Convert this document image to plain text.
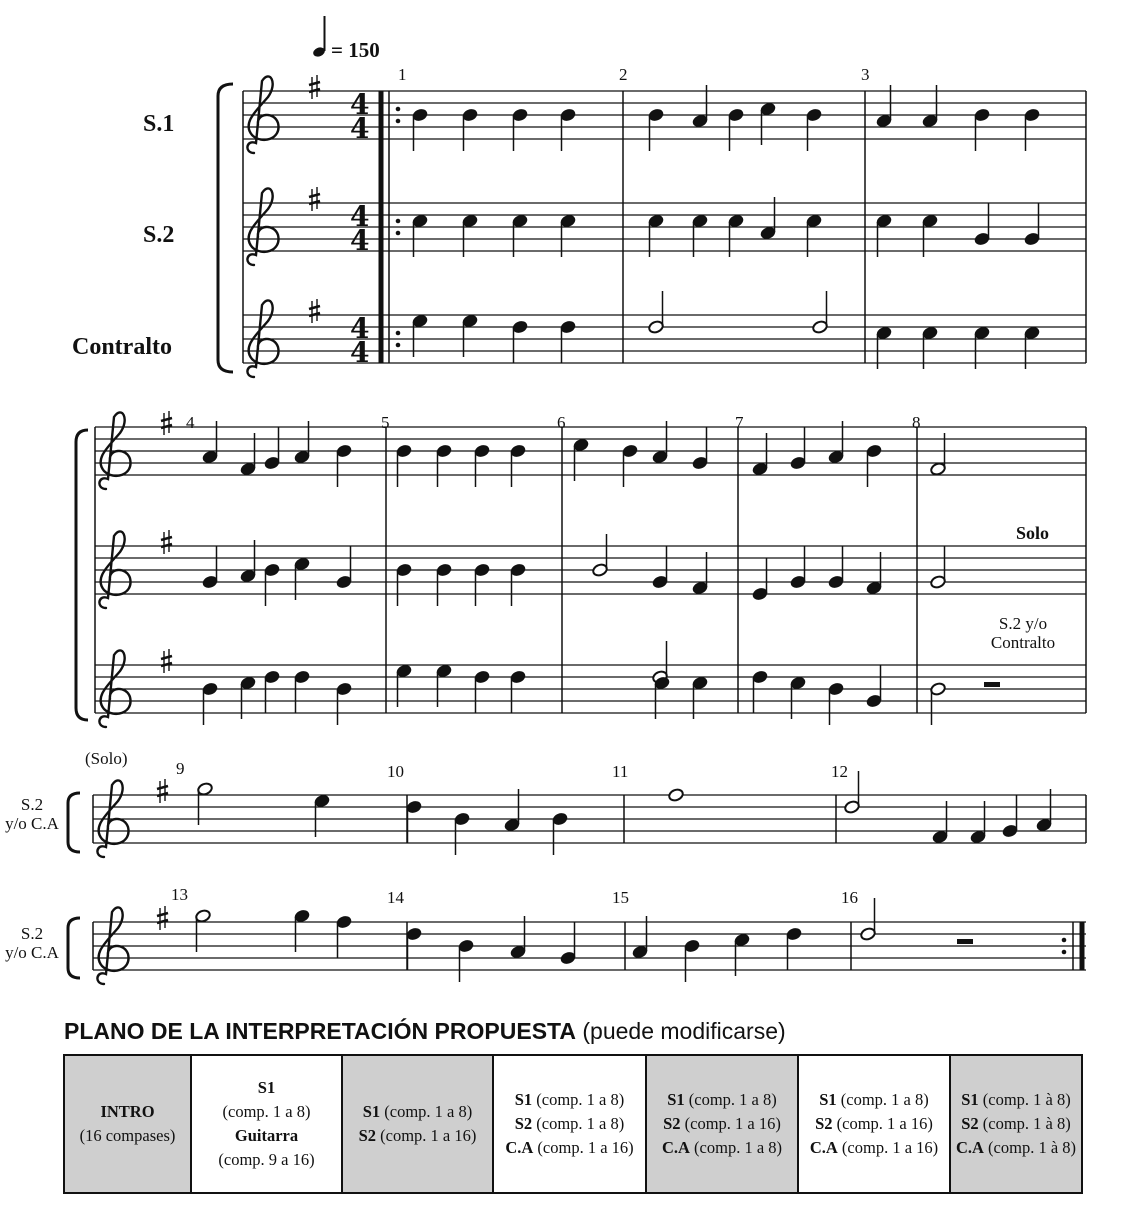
4
4
4
4
4
4
= 150
S.1
S.2
Contralto
1	2	3
4	5	6	7	8
9	10	11	12
13	14	15	16
Solo
S.2 y/o
Contralto
(Solo)
S.2
y/o C.A
S.2
y/o C.A
PLANO DE LA INTERPRETACIÓN PROPUESTA (puede modificarse)
INTRO
(16 compases)

S1
(comp. 1 a 8)
Guitarra
(comp. 9 a 16)

S1 (comp. 1 a 8)
S2 (comp. 1 a 16)

S1 (comp. 1 a 8)
S2 (comp. 1 a 8)
C.A (comp. 1 a 16)

S1 (comp. 1 a 8)
S2 (comp. 1 a 16)
C.A (comp. 1 a 8)

S1 (comp. 1 a 8)
S2 (comp. 1 a 16)
C.A (comp. 1 a 16)

S1 (comp. 1 à 8)
S2 (comp. 1 à 8)
C.A (comp. 1 à 8)
